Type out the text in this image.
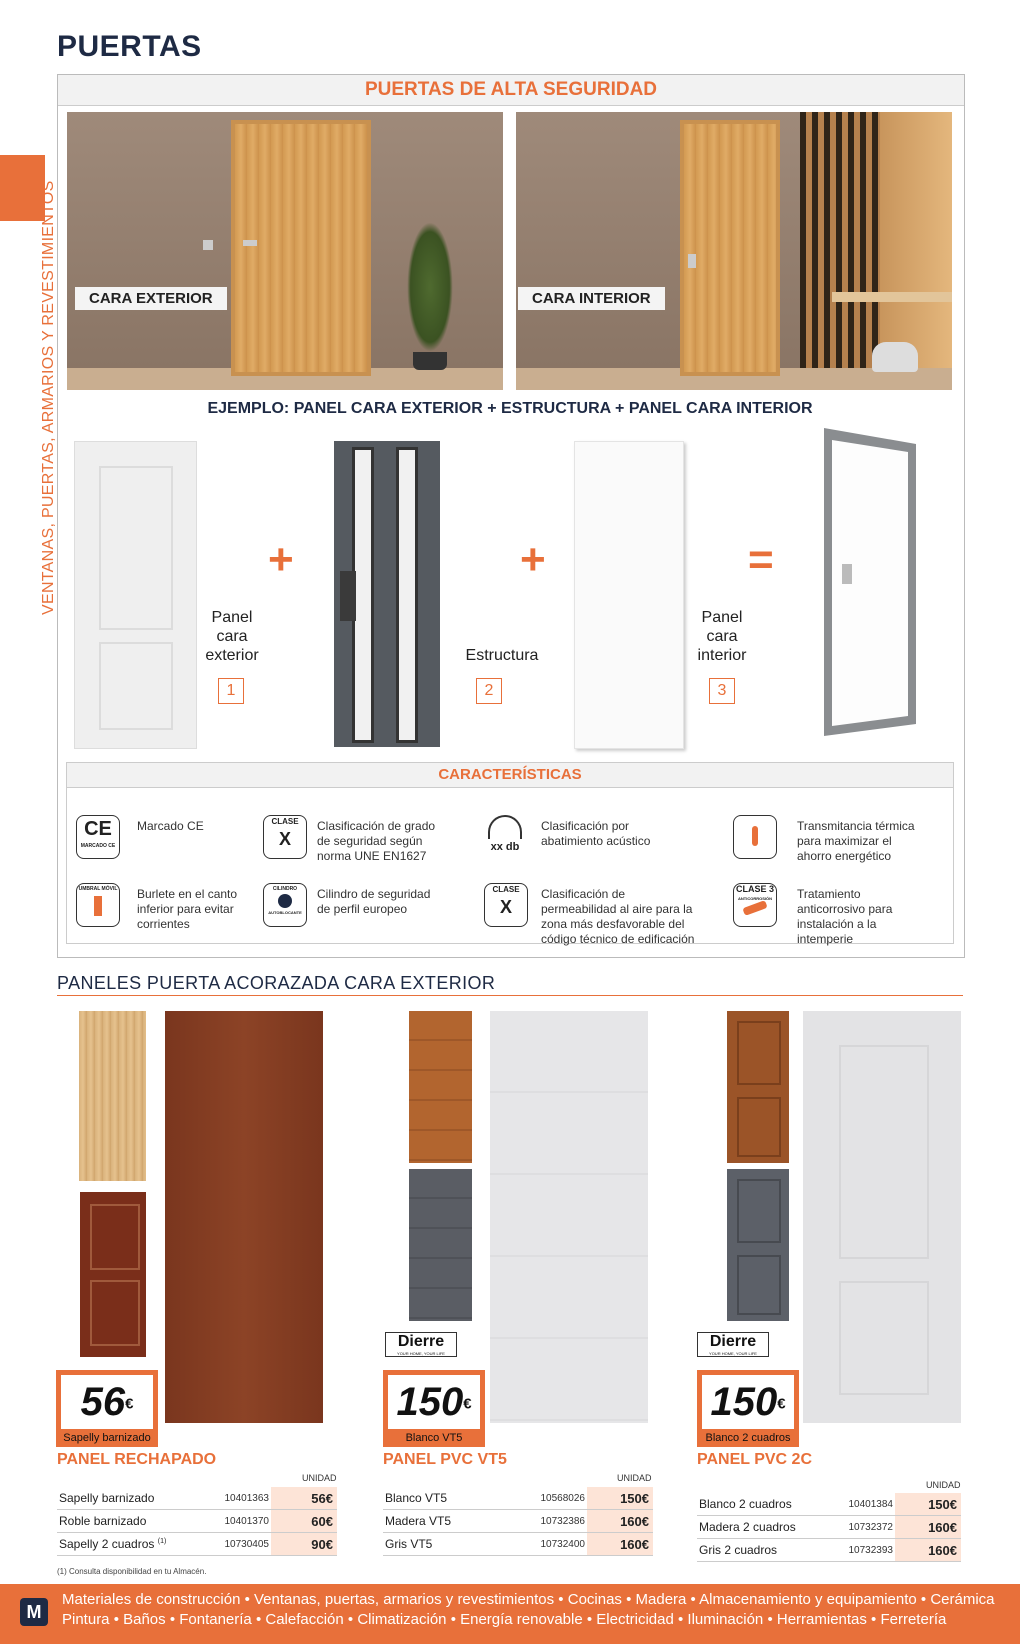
PUERTAS
VENTANAS, PUERTAS, ARMARIOS Y REVESTIMIENTOS
PUERTAS DE ALTA SEGURIDAD
CARA EXTERIOR	CARA INTERIOR
EJEMPLO: PANEL CARA EXTERIOR + ESTRUCTURA + PANEL CARA INTERIOR
+
Panel
cara
exterior
1
+
Estructura
2
=
Panel
cara
interior
3
CARACTERÍSTICAS
CE
MARCADO CE
Marcado CE	CLASE
X
Clasificación de grado de seguridad según norma UNE EN1627
xx db
Clasificación por abatimiento acústico
Transmitancia térmica para maximizar el ahorro energético
UMBRAL MÓVIL Burlete en el canto inferior para evitar corrientes
CILINDRO
AUTOBLOCANTE
Cilindro de seguridad de perfil europeo
CLASE
X
Clasificación de permeabilidad al aire para la zona más desfavorable del código técnico de edificación
CLASE 3
ANTICORROSIÓN	Tratamiento anticorrosivo para instalación a la intemperie
PANELES PUERTA ACORAZADA CARA EXTERIOR
Dierre
YOUR HOME, YOUR LIFE
Dierre
YOUR HOME, YOUR LIFE
56€
Sapelly barnizado
150€
Blanco VT5
150€
Blanco 2 cuadros
PANEL RECHAPADO	PANEL PVC VT5	PANEL PVC 2C
UNIDAD	UNIDAD
UNIDAD
Sapelly barnizado	10401363	56€
Roble barnizado	10401370	60€
Sapelly 2 cuadros $^{(1)}$	10730405	90€
Blanco VT5	10568026	150€
Madera VT5	10732386	160€
Gris VT5	10732400	160€
Blanco 2 cuadros	10401384	150€
Madera 2 cuadros	10732372	160€
Gris 2 cuadros	10732393	160€
(1) Consulta disponibilidad en tu Almacén.
M
Materiales de construcción • Ventanas, puertas, armarios y revestimientos • Cocinas • Madera • Almacenamiento y equipamiento • Cerámica
Pintura • Baños • Fontanería • Calefacción • Climatización • Energía renovable • Electricidad • Iluminación • Herramientas • Ferretería
